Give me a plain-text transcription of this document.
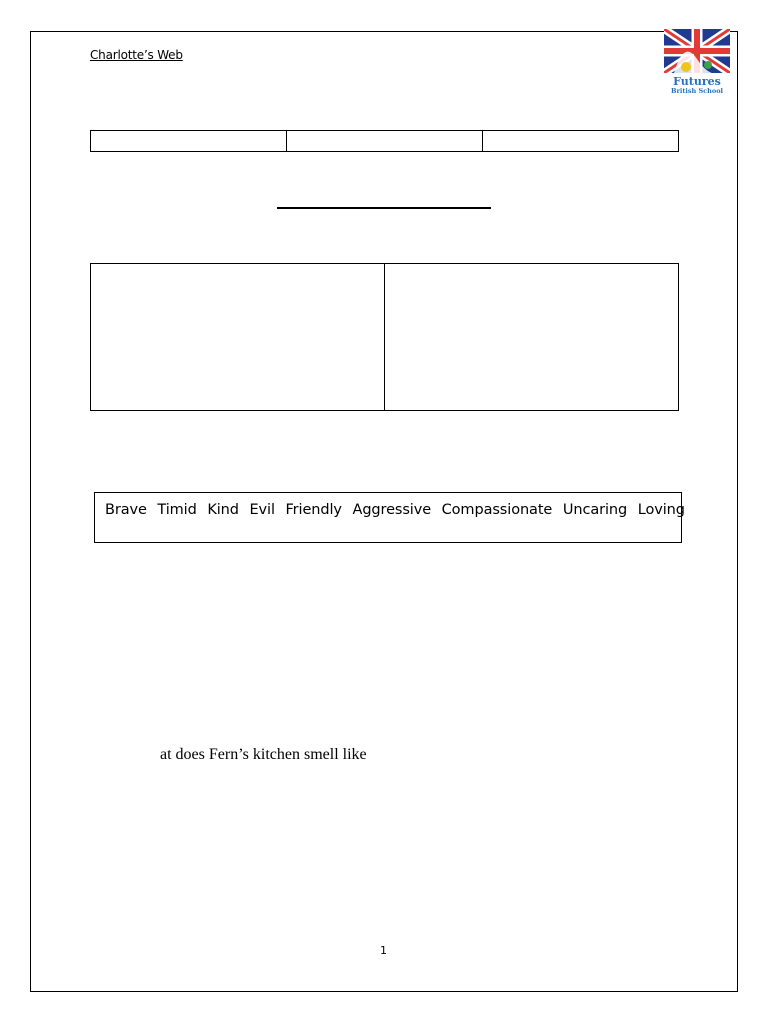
Charlotte’s Web
Futures
British School

Brave Timid Kind Evil Friendly Aggressive Compassionate Uncaring Loving
at does Fern’s kitchen smell like
1
